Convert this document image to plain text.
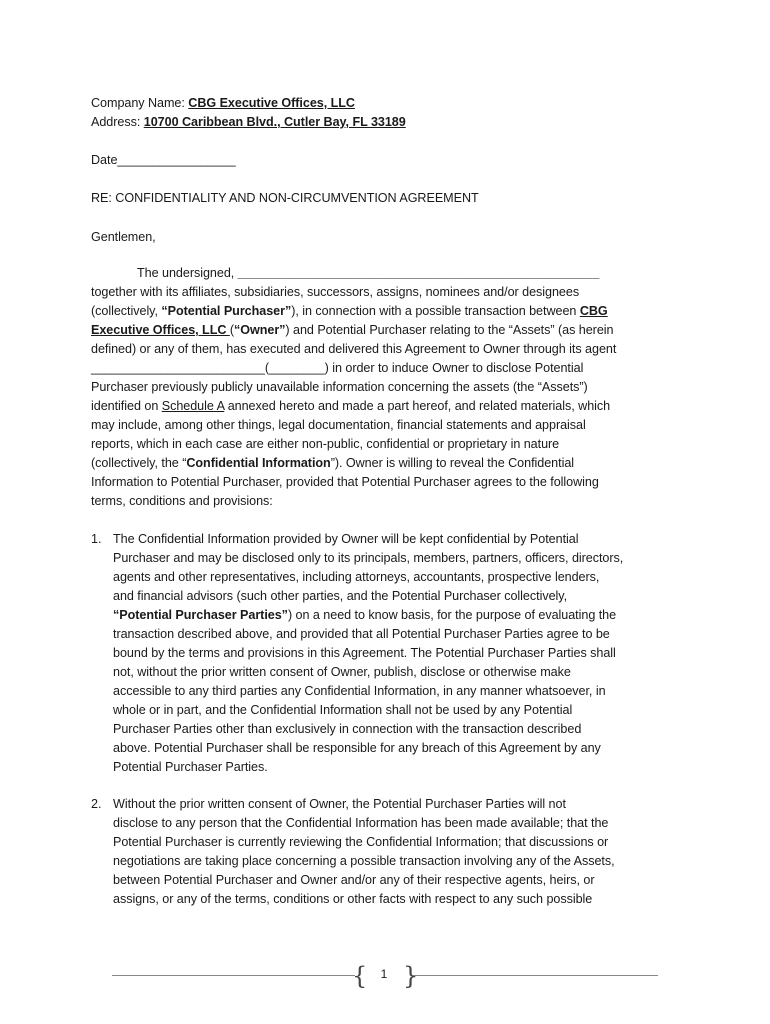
Company Name: CBG Executive Offices, LLC
Address: 10700 Caribbean Blvd., Cutler Bay, FL 33189
Date_________________
RE: CONFIDENTIALITY AND NON-CIRCUMVENTION AGREEMENT
Gentlemen,
The undersigned, ____________________________________________________
together with its affiliates, subsidiaries, successors, assigns, nominees and/or designees
(collectively, “Potential Purchaser”), in connection with a possible transaction between CBG
Executive Offices, LLC (“Owner”) and Potential Purchaser relating to the “Assets” (as herein
defined) or any of them, has executed and delivered this Agreement to Owner through its agent
_________________________(________) in order to induce Owner to disclose Potential
Purchaser previously publicly unavailable information concerning the assets (the “Assets”)
identified on Schedule A annexed hereto and made a part hereof, and related materials, which
may include, among other things, legal documentation, financial statements and appraisal
reports, which in each case are either non-public, confidential or proprietary in nature
(collectively, the “Confidential Information”). Owner is willing to reveal the Confidential
Information to Potential Purchaser, provided that Potential Purchaser agrees to the following
terms, conditions and provisions:
1. The Confidential Information provided by Owner will be kept confidential by Potential
Purchaser and may be disclosed only to its principals, members, partners, officers, directors,
agents and other representatives, including attorneys, accountants, prospective lenders,
and financial advisors (such other parties, and the Potential Purchaser collectively,
“Potential Purchaser Parties”) on a need to know basis, for the purpose of evaluating the
transaction described above, and provided that all Potential Purchaser Parties agree to be
bound by the terms and provisions in this Agreement. The Potential Purchaser Parties shall
not, without the prior written consent of Owner, publish, disclose or otherwise make
accessible to any third parties any Confidential Information, in any manner whatsoever, in
whole or in part, and the Confidential Information shall not be used by any Potential
Purchaser Parties other than exclusively in connection with the transaction described
above. Potential Purchaser shall be responsible for any breach of this Agreement by any
Potential Purchaser Parties.
2. Without the prior written consent of Owner, the Potential Purchaser Parties will not
disclose to any person that the Confidential Information has been made available; that the
Potential Purchaser is currently reviewing the Confidential Information; that discussions or
negotiations are taking place concerning a possible transaction involving any of the Assets,
between Potential Purchaser and Owner and/or any of their respective agents, heirs, or
assigns, or any of the terms, conditions or other facts with respect to any such possible
{ }
1
